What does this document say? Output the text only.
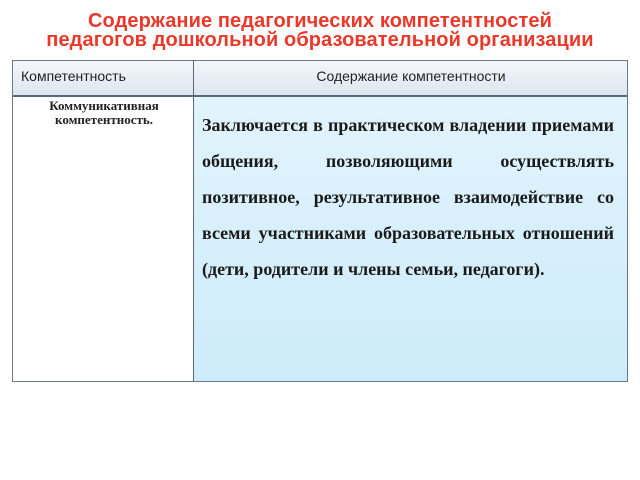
Содержание педагогических компетентностей
педагогов дошкольной образовательной организации
Компетентность	Содержание компетентности
Коммуникативная компетентность.	Заключается в практическом владении приемами общения, позволяющими осуществлять позитивное, результативное взаимодействие со всеми участниками образовательных отношений (дети, родители и члены семьи, педагоги).
